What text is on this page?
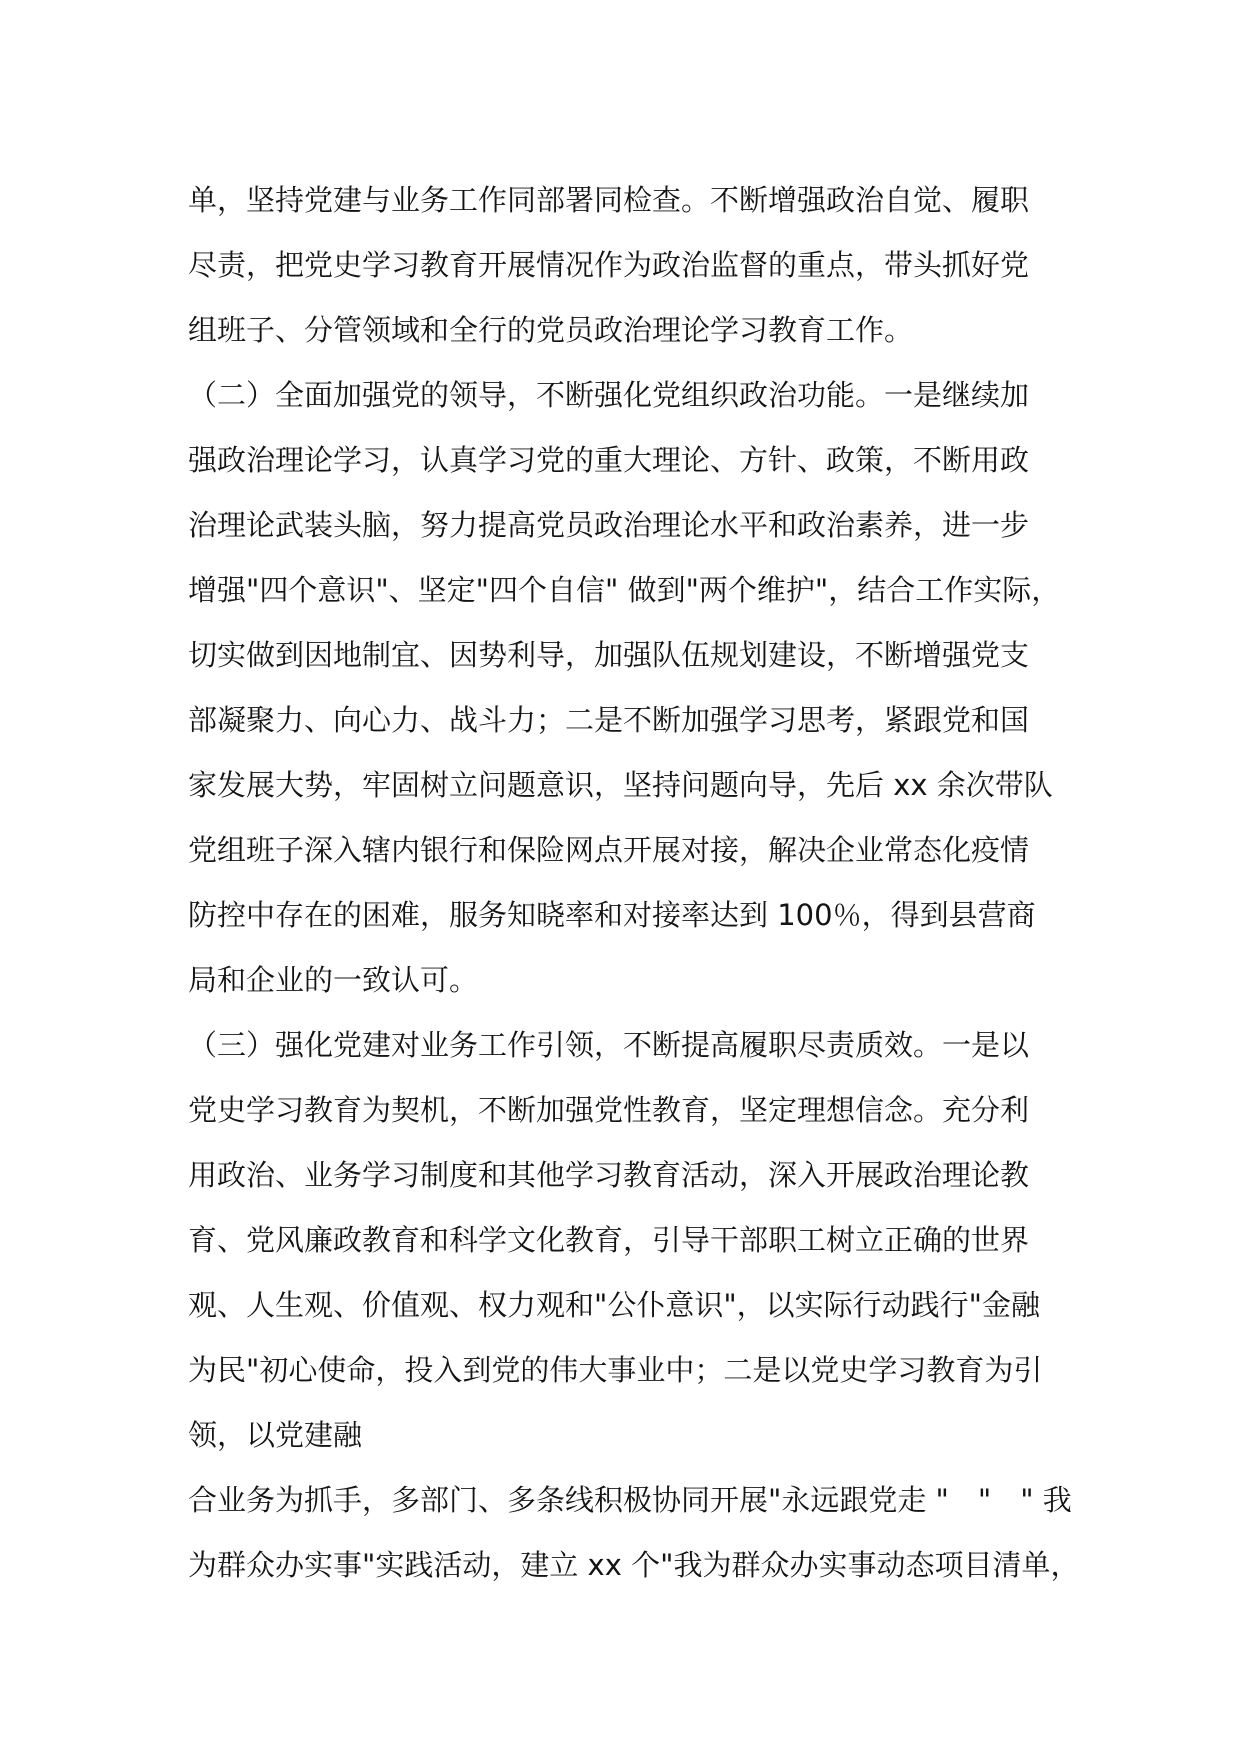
单，坚持党建与业务工作同部署同检查。不断增强政治自觉、履职
尽责，把党史学习教育开展情况作为政治监督的重点，带头抓好党
组班子、分管领域和全行的党员政治理论学习教育工作。
（二）全面加强党的领导，不断强化党组织政治功能。一是继续加
强政治理论学习，认真学习党的重大理论、方针、政策，不断用政
治理论武装头脑，努力提高党员政治理论水平和政治素养，进一步
增强"四个意识"、坚定"四个自信" 做到"两个维护"，结合工作实际，
切实做到因地制宜、因势利导，加强队伍规划建设，不断增强党支
部凝聚力、向心力、战斗力；二是不断加强学习思考，紧跟党和国
家发展大势，牢固树立问题意识，坚持问题向导，先后 xx 余次带队
党组班子深入辖内银行和保险网点开展对接，解决企业常态化疫情
防控中存在的困难，服务知晓率和对接率达到 100％，得到县营商
局和企业的一致认可。
（三）强化党建对业务工作引领，不断提高履职尽责质效。一是以
党史学习教育为契机，不断加强党性教育，坚定理想信念。充分利
用政治、业务学习制度和其他学习教育活动，深入开展政治理论教
育、党风廉政教育和科学文化教育，引导干部职工树立正确的世界
观、人生观、价值观、权力观和"公仆意识"，以实际行动践行"金融
为民"初心使命，投入到党的伟大事业中；二是以党史学习教育为引
领，以党建融
合业务为抓手，多部门、多条线积极协同开展"永远跟党走 "　"　" 我
为群众办实事"实践活动，建立 xx 个"我为群众办实事动态项目清单，
